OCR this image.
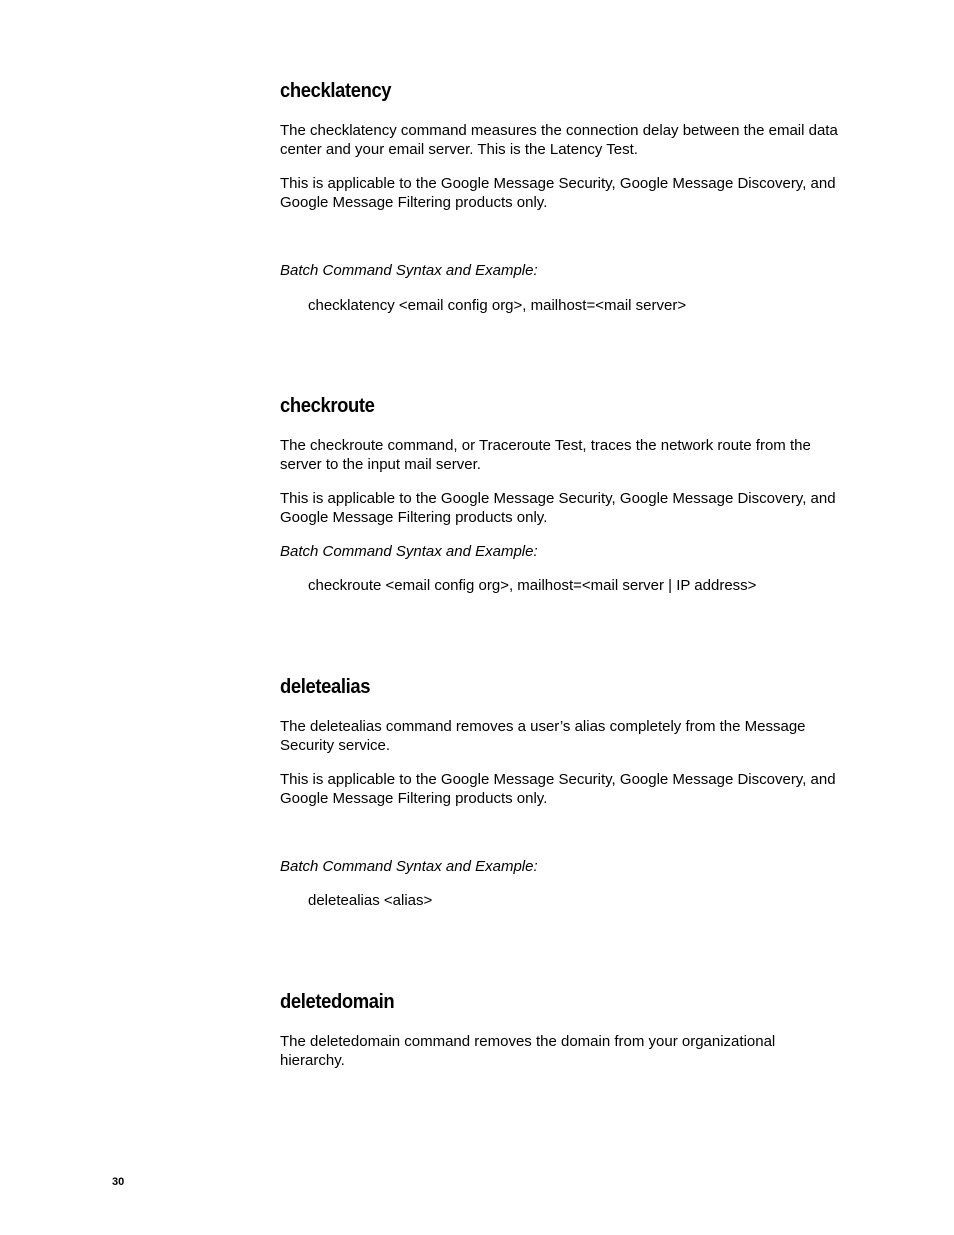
checklatency

The checklatency command measures the connection delay between the email data center and your email server. This is the Latency Test.

This is applicable to the Google Message Security, Google Message Discovery, and Google Message Filtering products only.

Batch Command Syntax and Example:

checklatency <email config org>, mailhost=<mail server>

checkroute

The checkroute command, or Traceroute Test, traces the network route from the server to the input mail server.

This is applicable to the Google Message Security, Google Message Discovery, and Google Message Filtering products only.

Batch Command Syntax and Example:

checkroute <email config org>, mailhost=<mail server | IP address>

deletealias

The deletealias command removes a user’s alias completely from the Message Security service.

This is applicable to the Google Message Security, Google Message Discovery, and Google Message Filtering products only.

Batch Command Syntax and Example:

deletealias <alias>

deletedomain

The deletedomain command removes the domain from your organizational hierarchy.

30
